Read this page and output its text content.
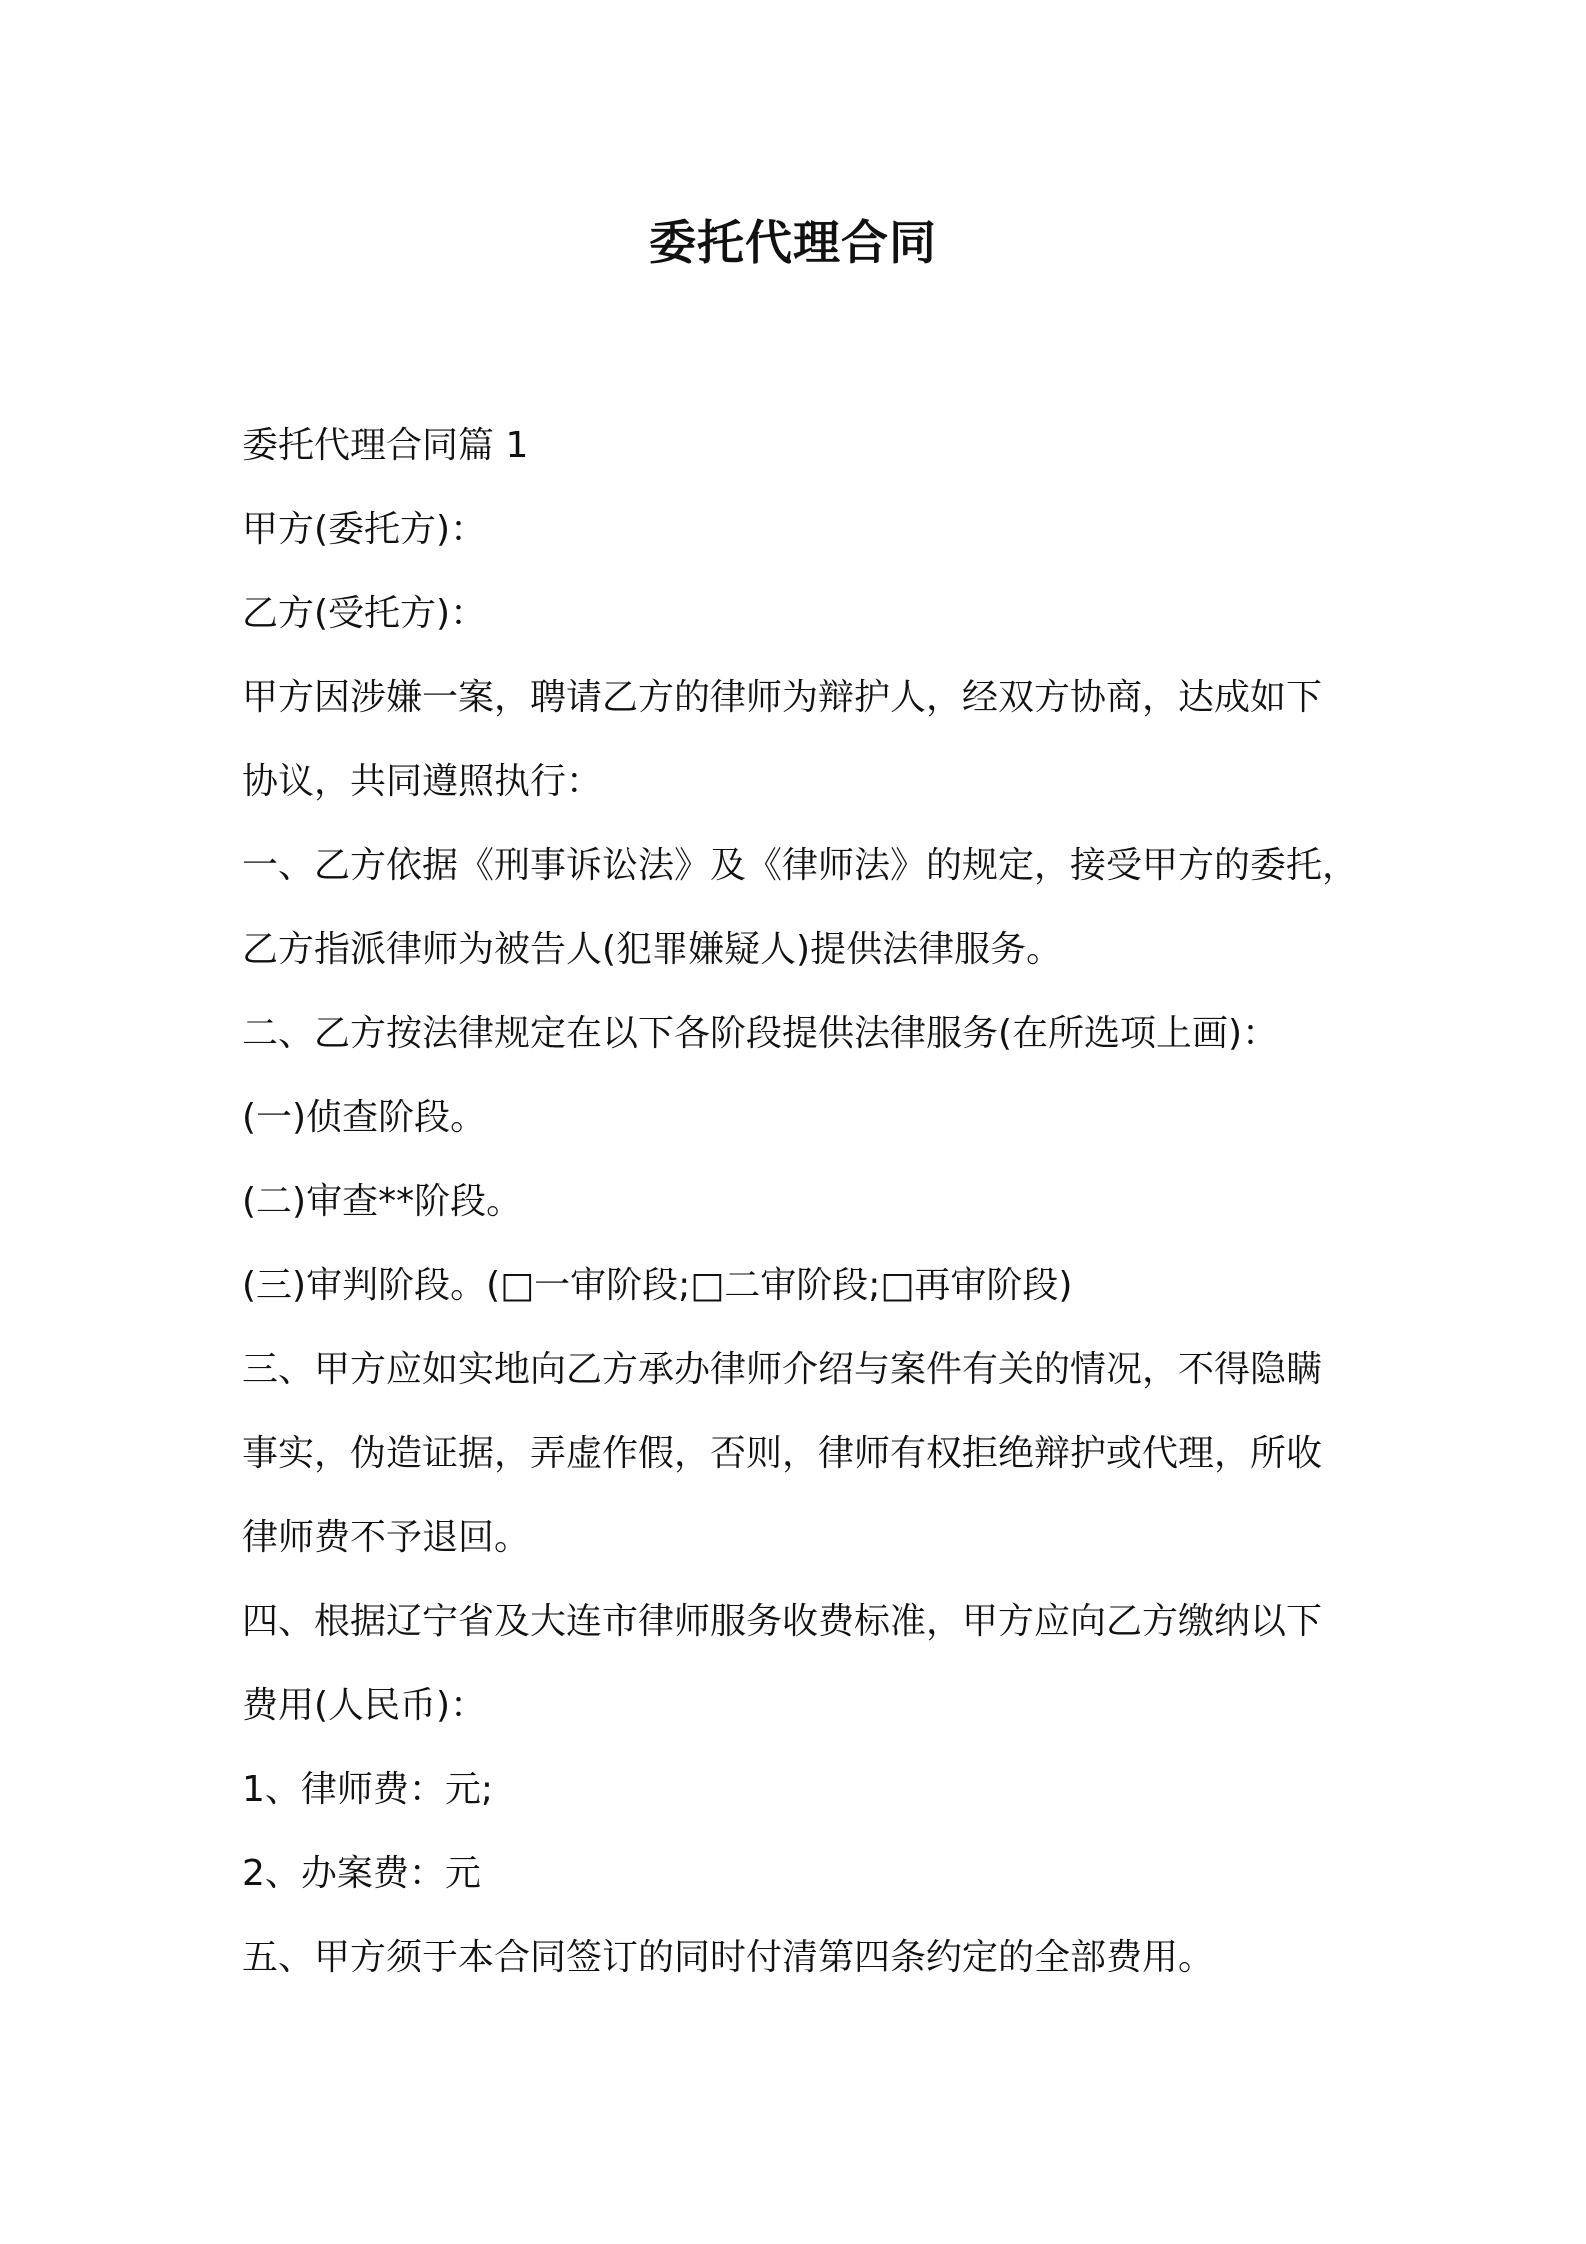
委托代理合同

委托代理合同篇 1

甲方(委托方)：

乙方(受托方)：

甲方因涉嫌一案，聘请乙方的律师为辩护人，经双方协商，达成如下

协议，共同遵照执行：

一、乙方依据《刑事诉讼法》及《律师法》的规定，接受甲方的委托，

乙方指派律师为被告人(犯罪嫌疑人)提供法律服务。

二、乙方按法律规定在以下各阶段提供法律服务(在所选项上画)：

(一)侦查阶段。

(二)审查**阶段。

(三)审判阶段。(□一审阶段;□二审阶段;□再审阶段)

三、甲方应如实地向乙方承办律师介绍与案件有关的情况，不得隐瞒

事实，伪造证据，弄虚作假，否则，律师有权拒绝辩护或代理，所收

律师费不予退回。

四、根据辽宁省及大连市律师服务收费标准，甲方应向乙方缴纳以下

费用(人民币)：

1、律师费：元;

2、办案费：元

五、甲方须于本合同签订的同时付清第四条约定的全部费用。
